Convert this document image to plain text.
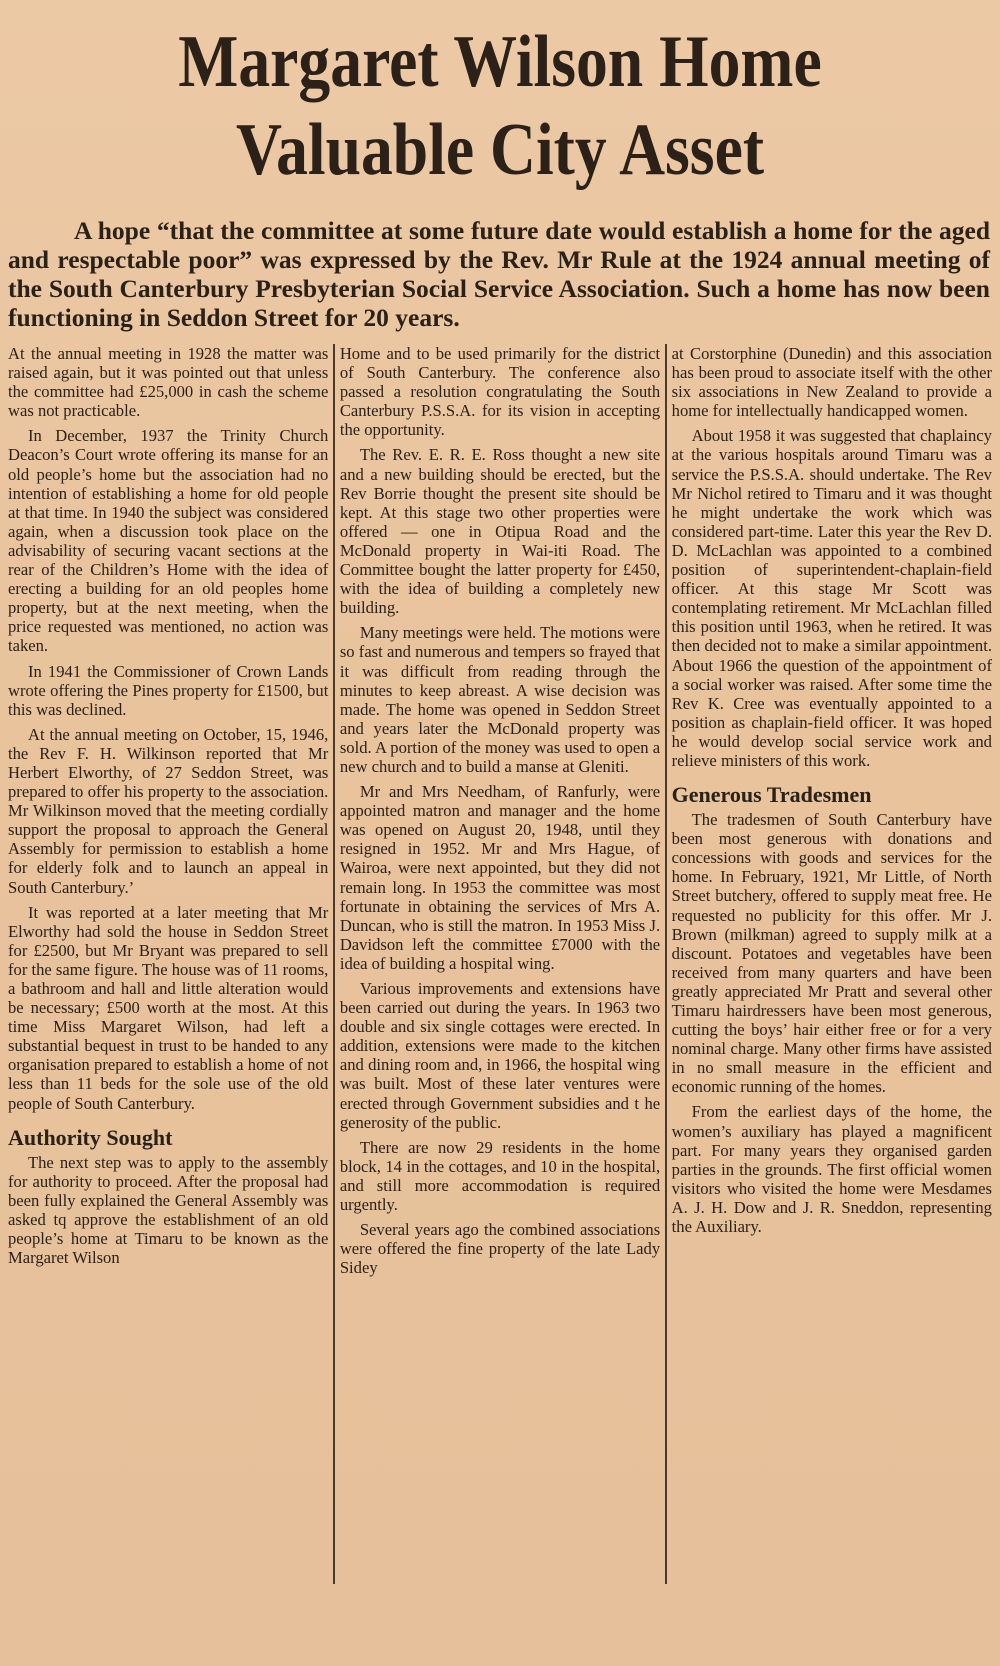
Margaret Wilson Home
Valuable City Asset

A hope “that the committee at some future date would establish a home for the aged and respectable poor” was expressed by the Rev. Mr Rule at the 1924 annual meeting of the South Canterbury Presbyterian Social Service Association. Such a home has now been functioning in Seddon Street for 20 years.

At the annual meeting in 1928 the matter was raised again, but it was pointed out that unless the committee had £25,000 in cash the scheme was not practicable.

In December, 1937 the Trinity Church Deacon’s Court wrote offering its manse for an old people’s home but the association had no intention of establishing a home for old people at that time. In 1940 the subject was considered again, when a discussion took place on the advisability of securing vacant sections at the rear of the Children’s Home with the idea of erecting a building for an old peoples home property, but at the next meeting, when the price requested was mentioned, no action was taken.

In 1941 the Commissioner of Crown Lands wrote offering the Pines property for £1500, but this was declined.

At the annual meeting on October, 15, 1946, the Rev F. H. Wilkinson reported that Mr Herbert Elworthy, of 27 Seddon Street, was prepared to offer his property to the association. Mr Wilkinson moved that the meeting cordially support the proposal to approach the General Assembly for permission to establish a home for elderly folk and to launch an appeal in South Canterbury.’

It was reported at a later meeting that Mr Elworthy had sold the house in Seddon Street for £2500, but Mr Bryant was prepared to sell for the same figure. The house was of 11 rooms, a bathroom and hall and little alteration would be necessary; £500 worth at the most. At this time Miss Margaret Wilson, had left a substantial bequest in trust to be handed to any organisation prepared to establish a home of not less than 11 beds for the sole use of the old people of South Canterbury.

Authority Sought

The next step was to apply to the assembly for authority to proceed. After the proposal had been fully explained the General Assembly was asked tq approve the establishment of an old people’s home at Timaru to be known as the Margaret Wilson

Home and to be used primarily for the district of South Canterbury. The conference also passed a resolution congratulating the South Canterbury P.S.S.A. for its vision in accepting the opportunity.

The Rev. E. R. E. Ross thought a new site and a new building should be erected, but the Rev Borrie thought the present site should be kept. At this stage two other properties were offered — one in Otipua Road and the McDonald property in Wai-iti Road. The Committee bought the latter property for £450, with the idea of building a completely new building.

Many meetings were held. The motions were so fast and numerous and tempers so frayed that it was difficult from reading through the minutes to keep abreast. A wise decision was made. The home was opened in Seddon Street and years later the McDonald property was sold. A portion of the money was used to open a new church and to build a manse at Gleniti.

Mr and Mrs Needham, of Ranfurly, were appointed matron and manager and the home was opened on August 20, 1948, until they resigned in 1952. Mr and Mrs Hague, of Wairoa, were next appointed, but they did not remain long. In 1953 the committee was most fortunate in obtaining the services of Mrs A. Duncan, who is still the matron. In 1953 Miss J. Davidson left the committee £7000 with the idea of building a hospital wing.

Various improvements and extensions have been carried out during the years. In 1963 two double and six single cottages were erected. In addition, extensions were made to the kitchen and dining room and, in 1966, the hospital wing was built. Most of these later ventures were erected through Government subsidies and t he generosity of the public.

There are now 29 residents in the home block, 14 in the cottages, and 10 in the hospital, and still more accommodation is required urgently.

Several years ago the combined associations were offered the fine property of the late Lady Sidey

at Corstorphine (Dunedin) and this association has been proud to associate itself with the other six associations in New Zealand to provide a home for intellectually handicapped women.

About 1958 it was suggested that chaplaincy at the various hospitals around Timaru was a service the P.S.S.A. should undertake. The Rev Mr Nichol retired to Timaru and it was thought he might undertake the work which was considered part-time. Later this year the Rev D. D. McLachlan was appointed to a combined position of superintendent-chaplain-field officer. At this stage Mr Scott was contemplating retirement. Mr McLachlan filled this position until 1963, when he retired. It was then decided not to make a similar appointment. About 1966 the question of the appointment of a social worker was raised. After some time the Rev K. Cree was eventually appointed to a position as chaplain-field officer. It was hoped he would develop social service work and relieve ministers of this work.

Generous Tradesmen

The tradesmen of South Canterbury have been most generous with donations and concessions with goods and services for the home. In February, 1921, Mr Little, of North Street butchery, offered to supply meat free. He requested no publicity for this offer. Mr J. Brown (milkman) agreed to supply milk at a discount. Potatoes and vegetables have been received from many quarters and have been greatly appreciated Mr Pratt and several other Timaru hairdressers have been most generous, cutting the boys’ hair either free or for a very nominal charge. Many other firms have assisted in no small measure in the efficient and economic running of the homes.

From the earliest days of the home, the women’s auxiliary has played a magnificent part. For many years they organised garden parties in the grounds. The first official women visitors who visited the home were Mesdames A. J. H. Dow and J. R. Sneddon, representing the Auxiliary.
